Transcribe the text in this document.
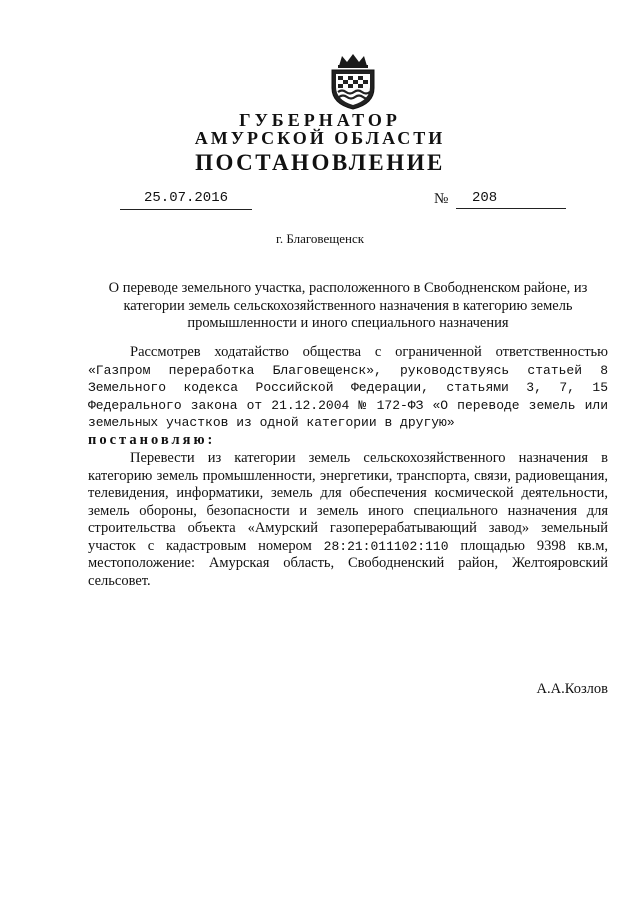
ГУБЕРНАТОР
АМУРСКОЙ ОБЛАСТИ
ПОСТАНОВЛЕНИЕ
25.07.2016	№	208
г. Благовещенск
О переводе земельного участка, расположенного в Свободненском районе, из категории земель сельскохозяйственного назначения в категорию земель промышленности и иного специального назначения
Рассмотрев ходатайство общества с ограниченной ответственностью «Газпром переработка Благовещенск», руководствуясь статьей 8 Земельного кодекса Российской Федерации, статьями 3, 7, 15 Федерального закона от 21.12.2004 № 172-ФЗ «О переводе земель или земельных участков из одной категории в другую»
постановляю:
Перевести из категории земель сельскохозяйственного назначения в категорию земель промышленности, энергетики, транспорта, связи, радиовещания, телевидения, информатики, земель для обеспечения космической деятельности, земель обороны, безопасности и земель иного специального назначения для строительства объекта «Амурский газоперерабатывающий завод» земельный участок с кадастровым номером 28:21:011102:110 площадью 9398 кв.м, местоположение: Амурская область, Свободненский район, Желтояровский сельсовет.
А.А.Козлов
